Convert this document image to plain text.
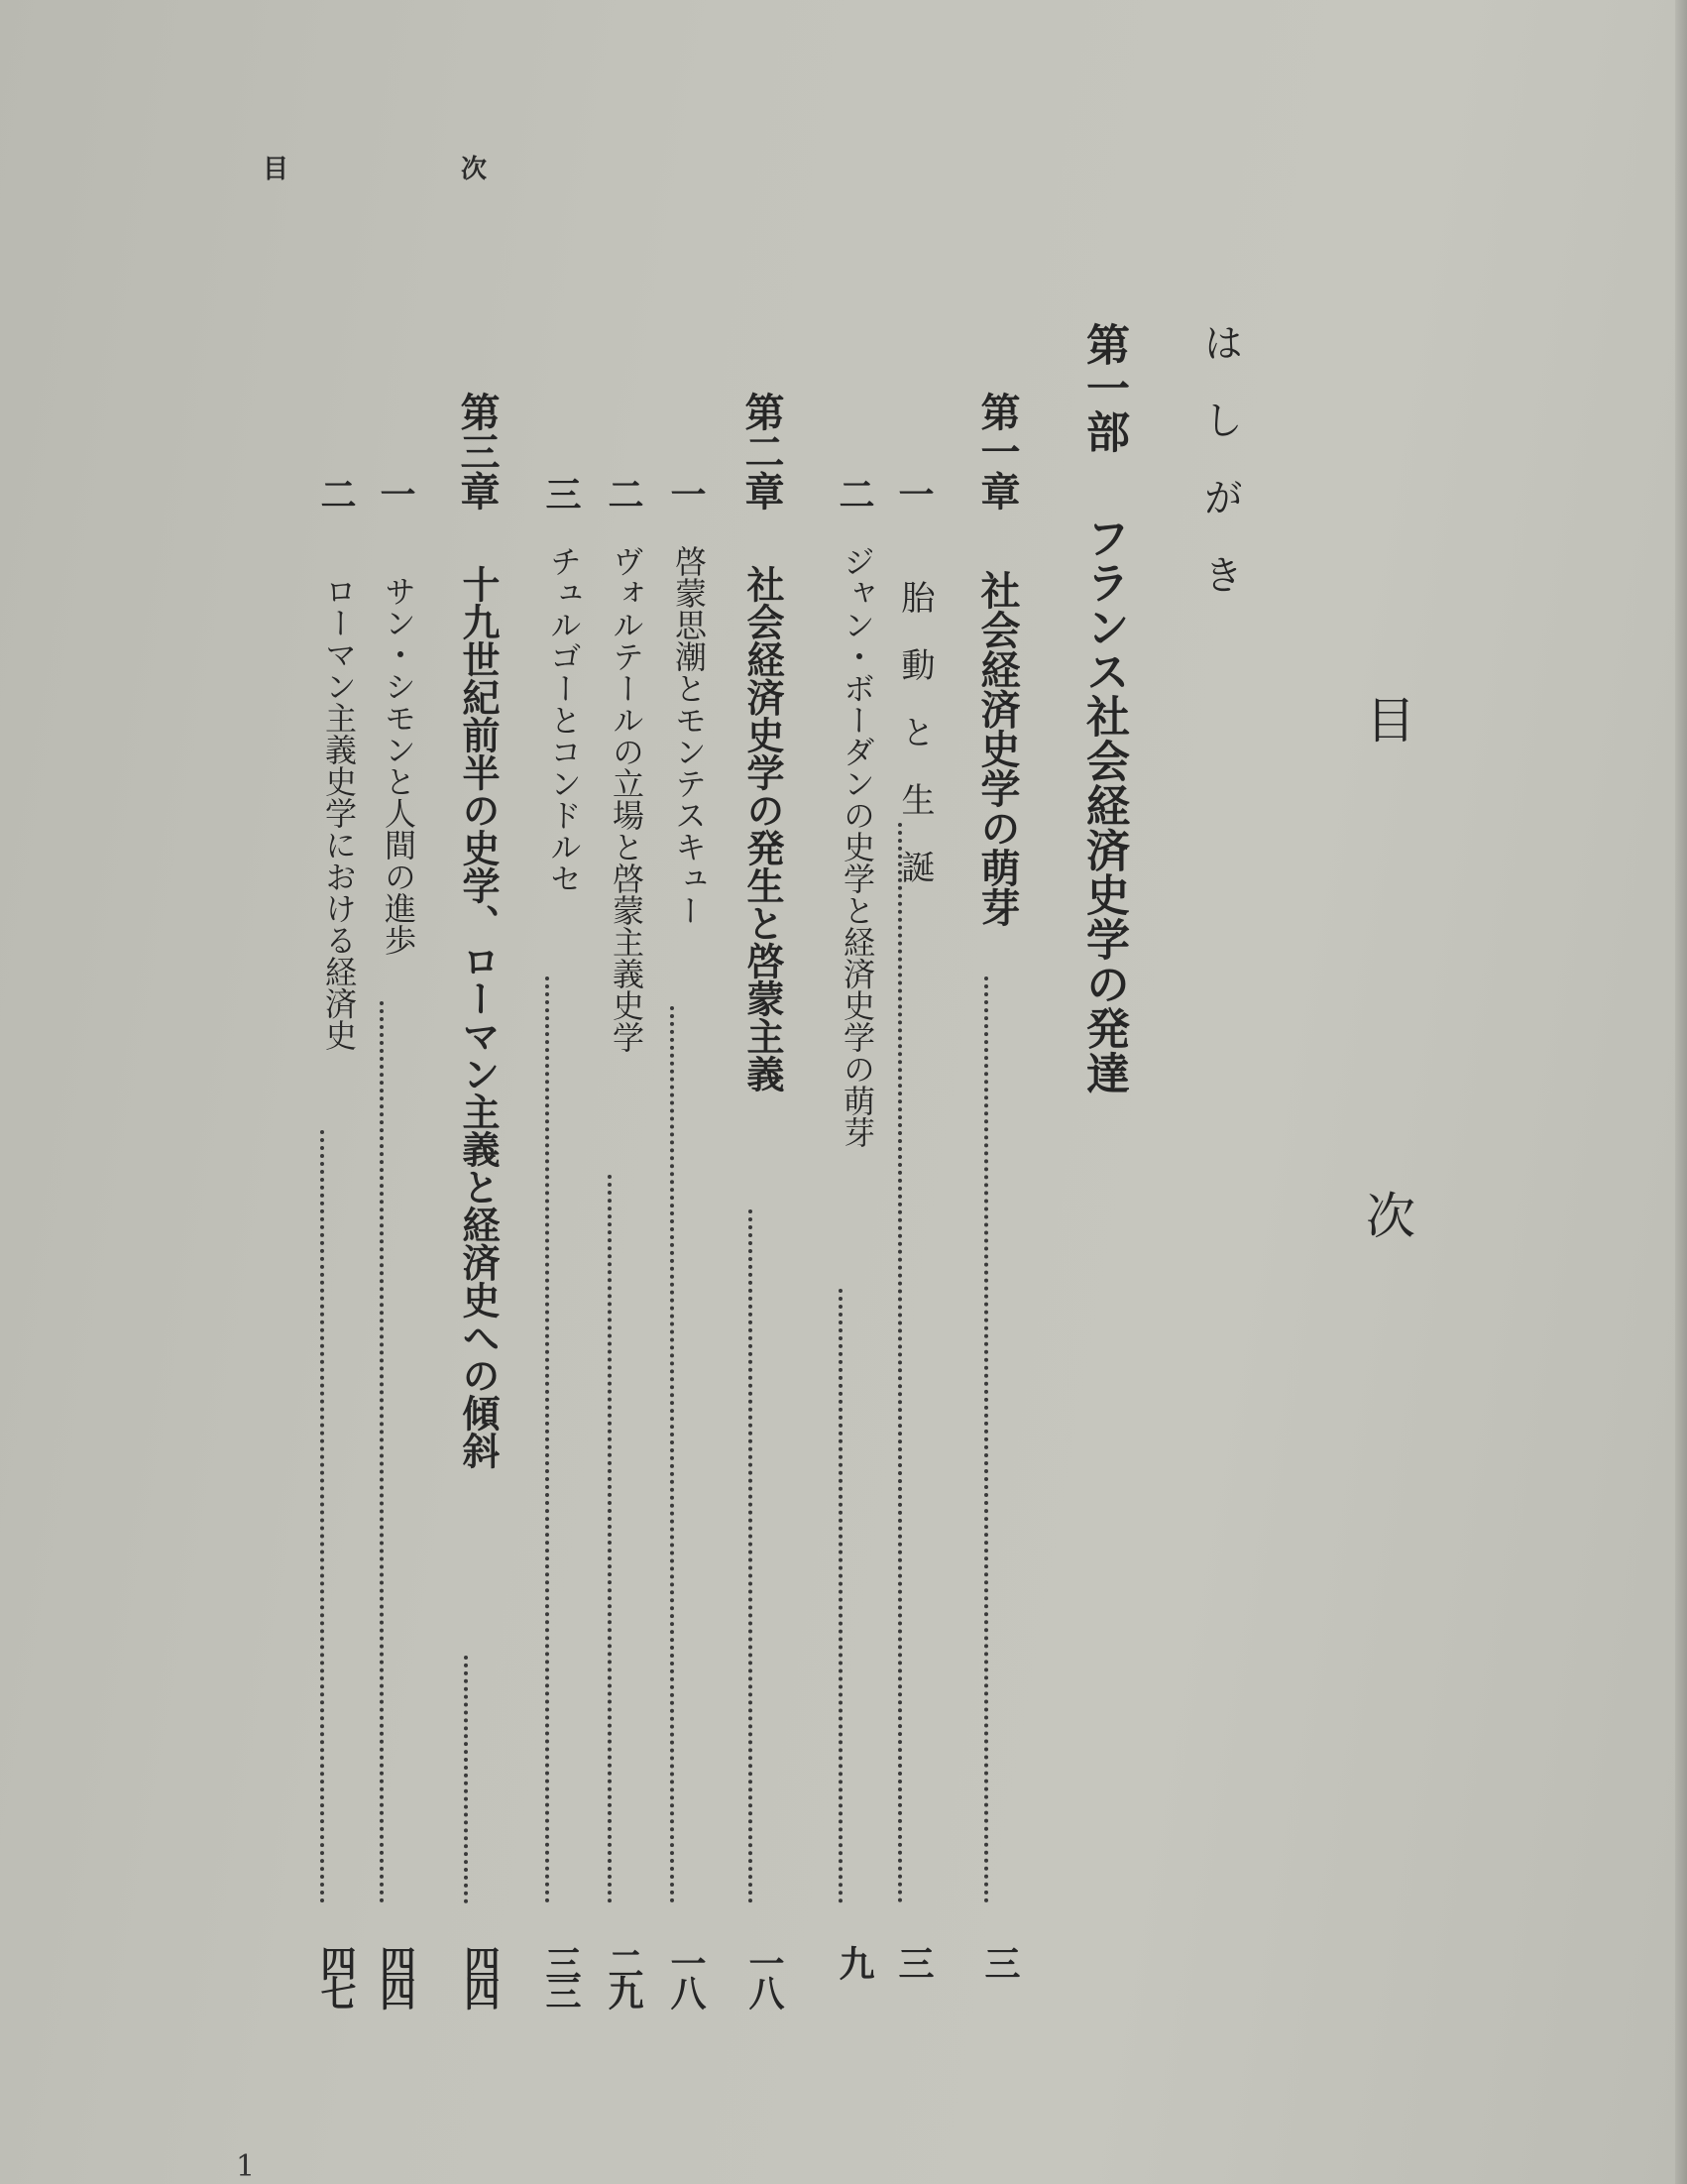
目	次
目　次
はしがき
第一部
フランス社会経済史学の発達
第一章
社会経済史学の萌芽
三
一
胎　動　と　生　誕
三
二
ジャン・ボーダンの史学と経済史学の萌芽
九
第二章
社会経済史学の発生と啓蒙主義
一八
一
啓蒙思潮とモンテスキュー
一八
二
ヴォルテールの立場と啓蒙主義史学
二九
三
チュルゴーとコンドルセ
三三
第三章
十九世紀前半の史学、ローマン主義と経済史への傾斜
四四
一
サン・シモンと人間の進歩
四四
二
ローマン主義史学における経済史
四七
1
